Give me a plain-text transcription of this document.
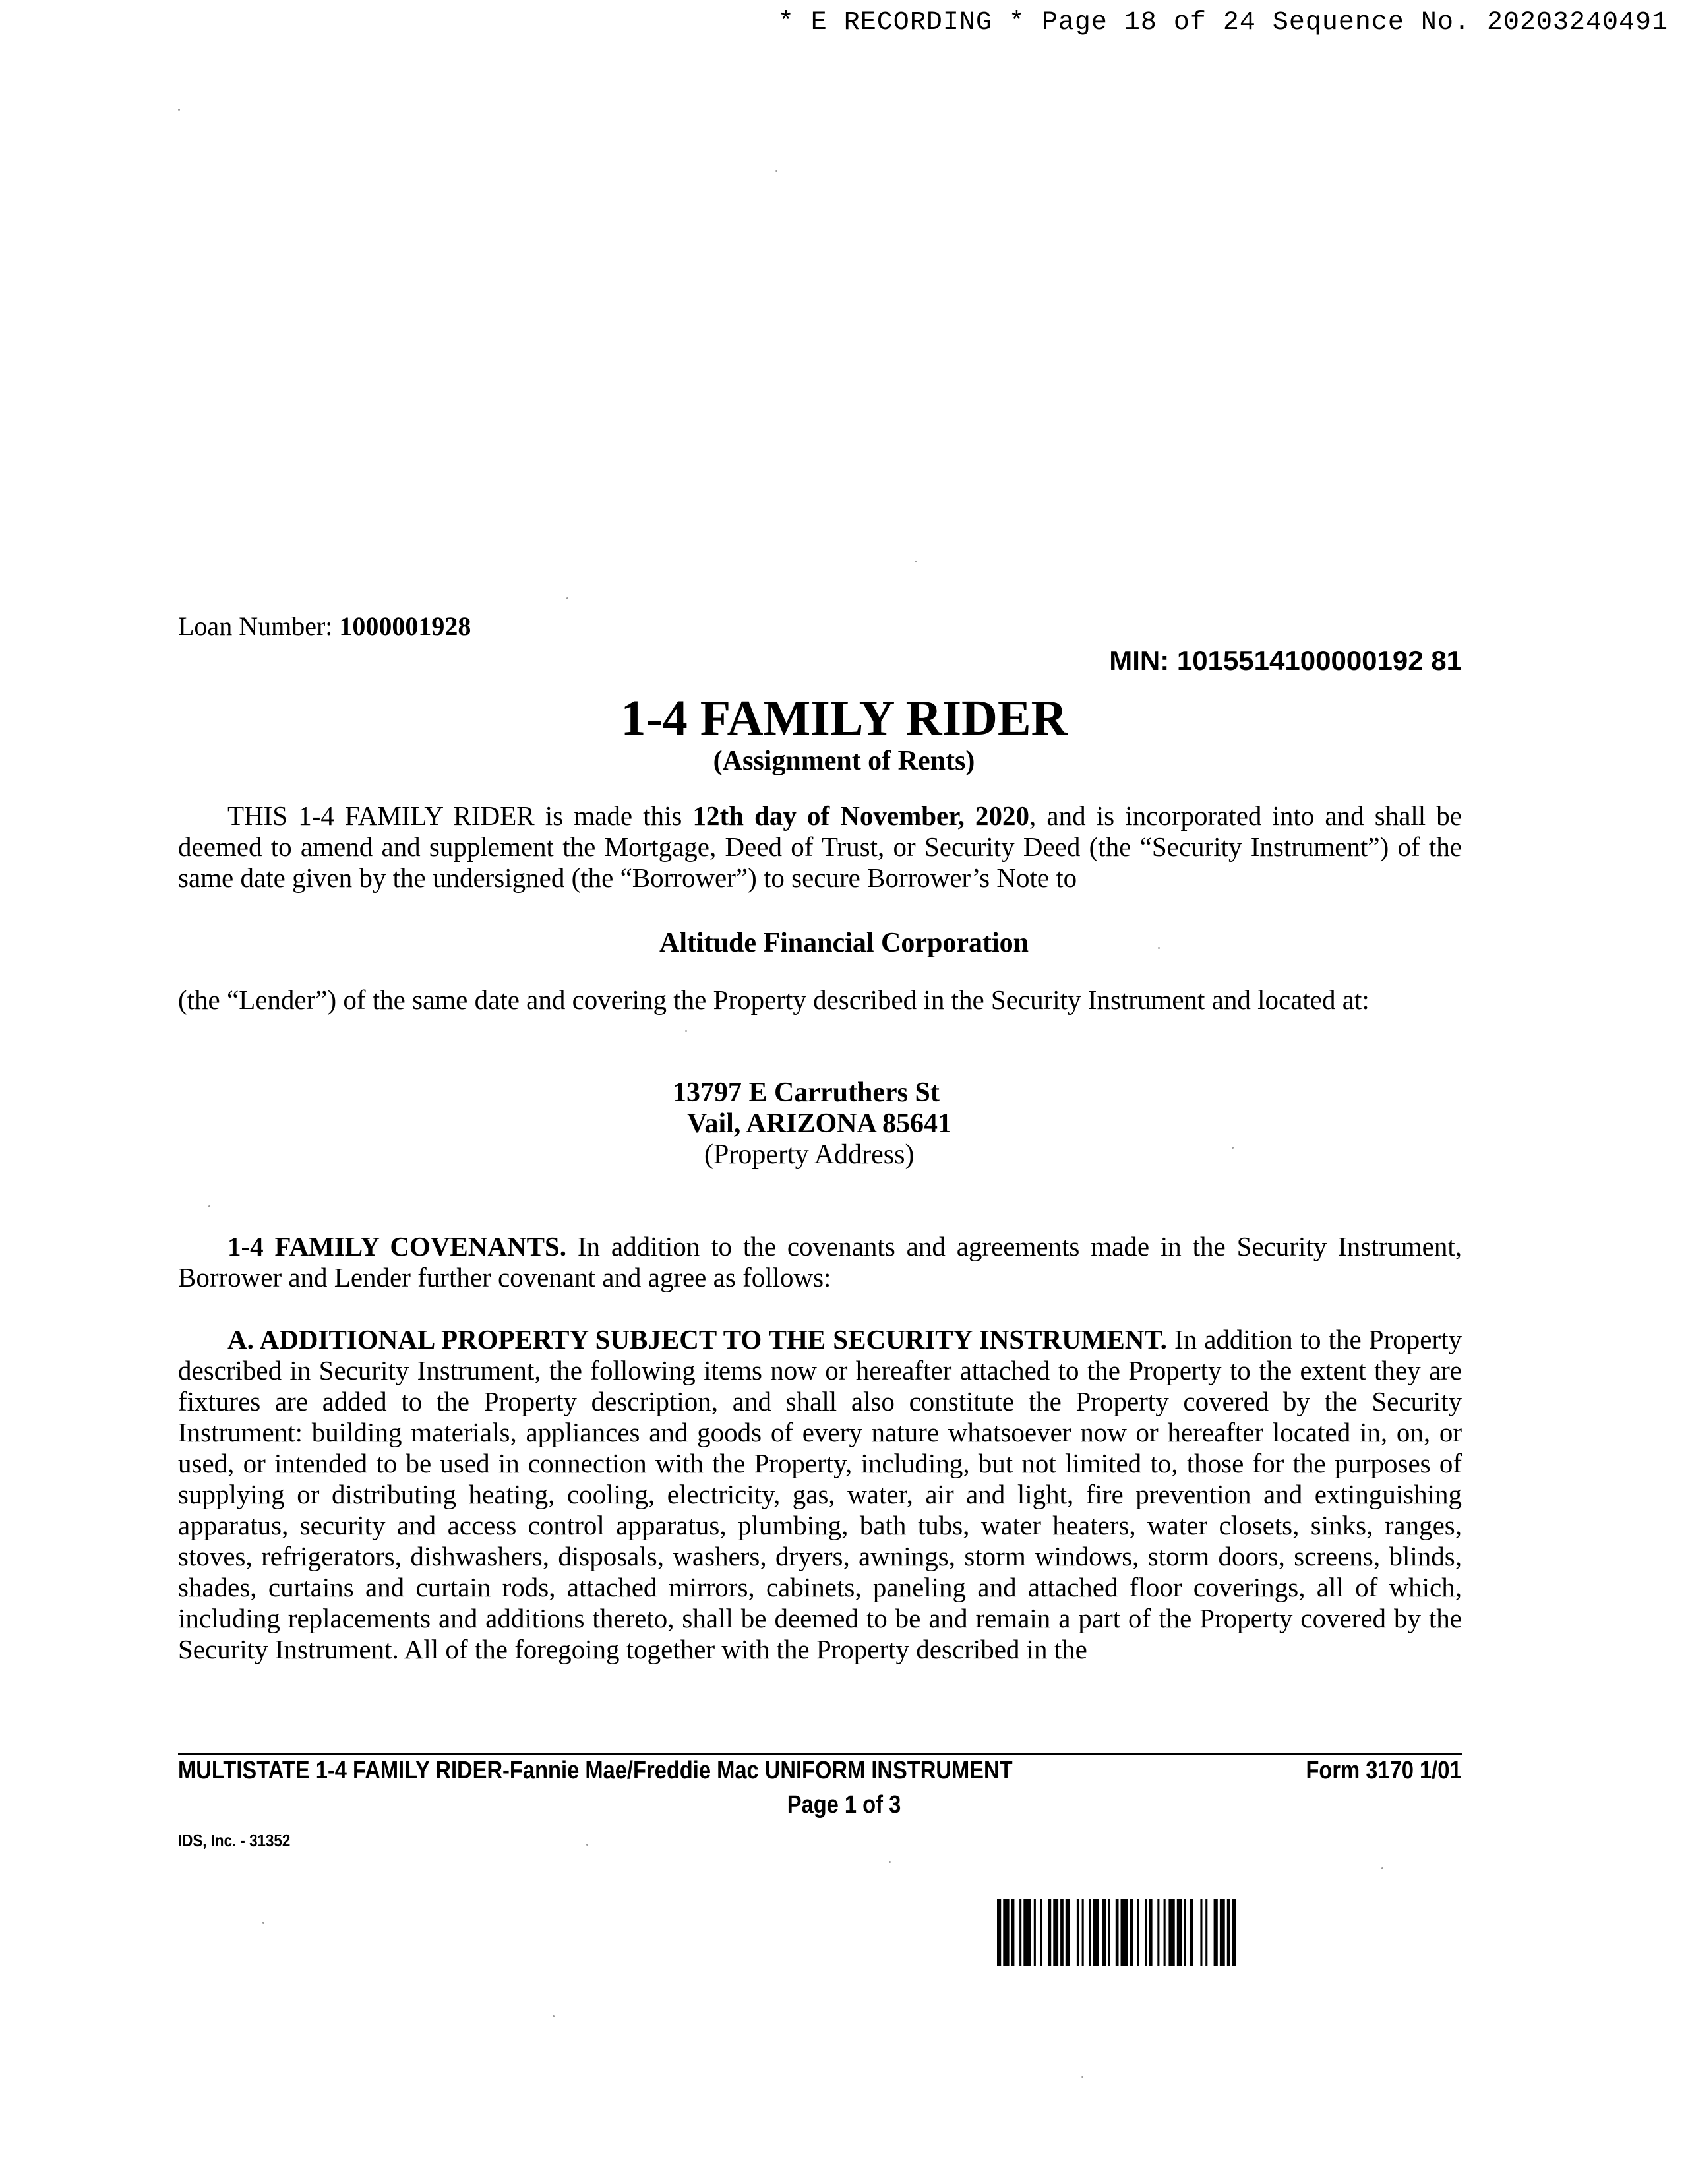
* E RECORDING * Page 18 of 24 Sequence No. 20203240491
Loan Number: 1000001928
MIN: 1015514100000192 81
1-4 FAMILY RIDER
(Assignment of Rents)
THIS 1-4 FAMILY RIDER is made this 12th day of November, 2020, and is incorporated into and shall be deemed to amend and supplement the Mortgage, Deed of Trust, or Security Deed (the “Security Instrument”) of the same date given by the undersigned (the “Borrower”) to secure Borrower’s Note to
Altitude Financial Corporation
(the “Lender”) of the same date and covering the Property described in the Security Instrument and located at:
13797 E Carruthers St
Vail, ARIZONA 85641
(Property Address)
1-4 FAMILY COVENANTS. In addition to the covenants and agreements made in the Security Instrument, Borrower and Lender further covenant and agree as follows:
A. ADDITIONAL PROPERTY SUBJECT TO THE SECURITY INSTRUMENT. In addition to the Property described in Security Instrument, the following items now or hereafter attached to the Property to the extent they are fixtures are added to the Property description, and shall also constitute the Property covered by the Security Instrument: building materials, appliances and goods of every nature whatsoever now or hereafter located in, on, or used, or intended to be used in connection with the Property, including, but not limited to, those for the purposes of supplying or distributing heating, cooling, electricity, gas, water, air and light, fire prevention and extinguishing apparatus, security and access control apparatus, plumbing, bath tubs, water heaters, water closets, sinks, ranges, stoves, refrigerators, dishwashers, disposals, washers, dryers, awnings, storm windows, storm doors, screens, blinds, shades, curtains and curtain rods, attached mirrors, cabinets, paneling and attached floor coverings, all of which, including replacements and additions thereto, shall be deemed to be and remain a part of the Property covered by the Security Instrument. All of the foregoing together with the Property described in the
MULTISTATE 1-4 FAMILY RIDER-Fannie Mae/Freddie Mac UNIFORM INSTRUMENT	Form 3170 1/01
Page 1 of 3
IDS, Inc. - 31352
